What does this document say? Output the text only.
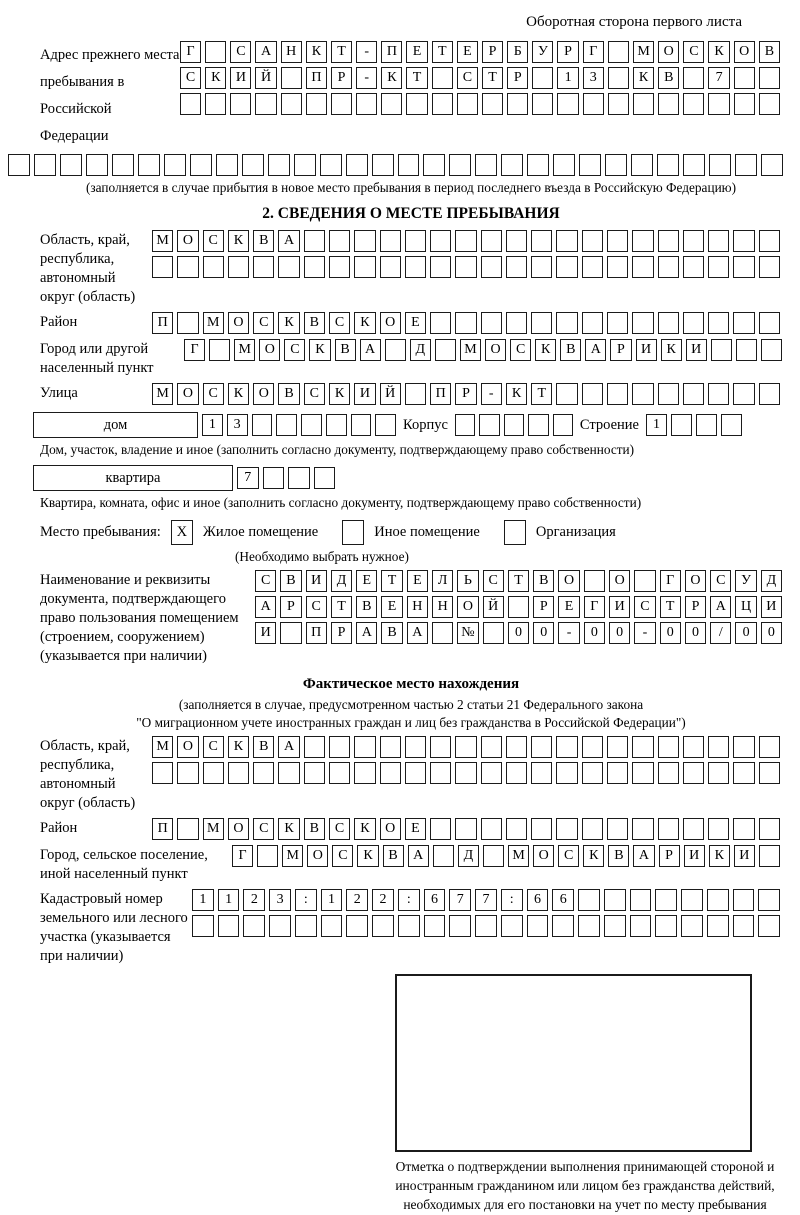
Оборотная сторона первого листа
Адрес прежнего места пребывания в Российской Федерации
Г	С	А	Н	К	Т	-	П	Е	Т	Е	Р	Б	У	Р	Г	М О	С	К	О	В
С	К	И	Й	П	Р	-	К	Т	С	Т	Р	1	3	К	В	7
(заполняется в случае прибытия в новое место пребывания в период последнего въезда в Российскую Федерацию)
2. СВЕДЕНИЯ О МЕСТЕ ПРЕБЫВАНИЯ
Область, край, республика, автономный округ (область)
М О	С	К	В	А
Район	П	М	О	С	К	В	С	К	О	Е
Город или другой населенный пункт
Г	М О	С	К	В	А	Д	М О	С	К	В	А	Р	И	К	И
Улица	М О	С	К	О	В	С	К	И	Й	П	Р	-	К	Т
дом	1	3	Корпус	Строение	1
Дом, участок, владение и иное (заполнить согласно документу, подтверждающему право собственности)
квартира	7
Квартира, комната, офис и иное (заполнить согласно документу, подтверждающему право собственности)
Место пребывания:	X	Жилое помещение	Иное помещение	Организация
(Необходимо выбрать нужное)
Наименование и реквизиты документа, подтверждающего право пользования помещением (строением, сооружением) (указывается при наличии)
С	В	И	Д	Е	Т	Е	Л	Ь	С	Т	В	О	О	Г	О	С	У	Д
А	Р	С	Т	В	Е	Н	Н	О	Й	Р	Е	Г	И	С	Т	Р	А	Ц	И
И	П	Р	А	В	А	№	0	0	-	0	0	-	0	0	/	0	0
Фактическое место нахождения
(заполняется в случае, предусмотренном частью 2 статьи 21 Федерального закона
"О миграционном учете иностранных граждан и лиц без гражданства в Российской Федерации")
Область, край, республика, автономный округ (область)
М О	С	К	В	А
Район	П	М	О	С	К	В	С	К	О	Е
Город, сельское поселение, иной населенный пункт
Г	М О	С	К	В	А	Д	М О	С	К	В	А	Р	И	К	И
Кадастровый номер земельного или лесного участка (указывается при наличии)
1	1	2	3	:	1	2	2	:	6	7	7	:	6	6
Отметка о подтверждении выполнения принимающей стороной и иностранным гражданином или лицом без гражданства действий, необходимых для его постановки на учет по месту пребывания
